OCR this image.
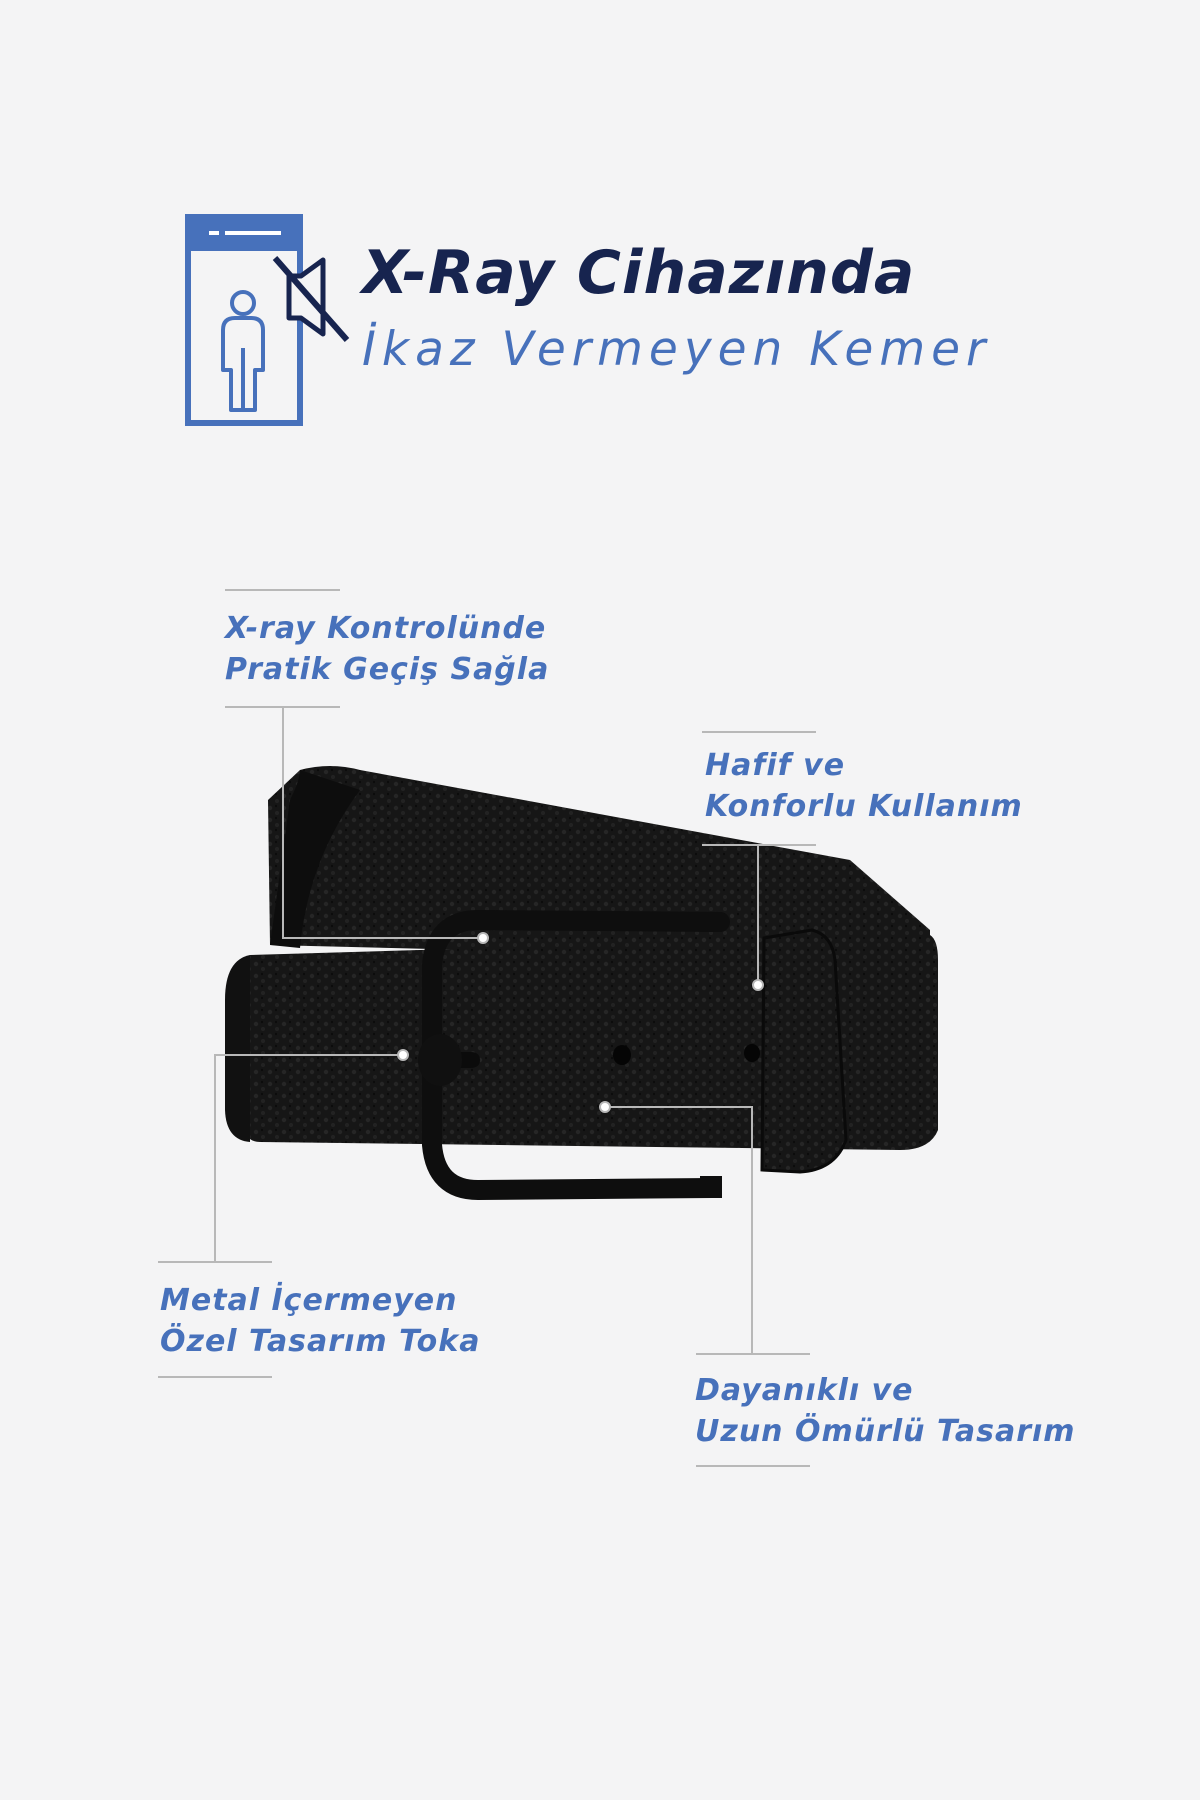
X-Ray Cihazında
İkaz Vermeyen Kemer
X-ray Kontrolünde
Pratik Geçiş Sağla
Hafif ve
Konforlu Kullanım
Metal İçermeyen
Özel Tasarım Toka
Dayanıklı ve
Uzun Ömürlü Tasarım
